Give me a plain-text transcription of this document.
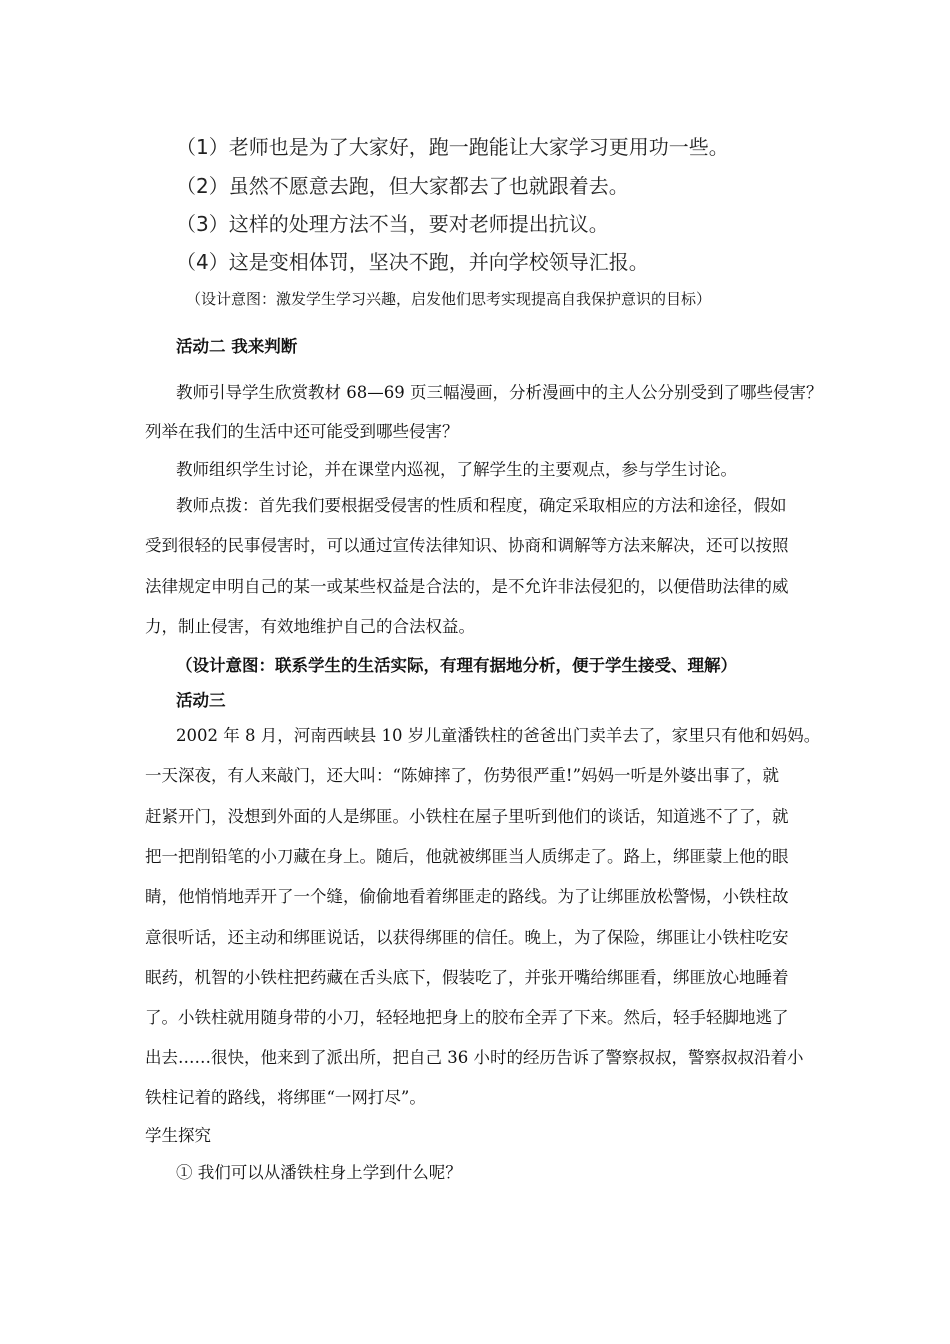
（1）老师也是为了大家好，跑一跑能让大家学习更用功一些。
（2）虽然不愿意去跑，但大家都去了也就跟着去。
（3）这样的处理方法不当，要对老师提出抗议。
（4）这是变相体罚，坚决不跑，并向学校领导汇报。
（设计意图：激发学生学习兴趣，启发他们思考实现提高自我保护意识的目标）
活动二 我来判断
教师引导学生欣赏教材 68—69 页三幅漫画，分析漫画中的主人公分别受到了哪些侵害？
列举在我们的生活中还可能受到哪些侵害？
教师组织学生讨论，并在课堂内巡视，了解学生的主要观点，参与学生讨论。
教师点拨：首先我们要根据受侵害的性质和程度，确定采取相应的方法和途径，假如
受到很轻的民事侵害时，可以通过宣传法律知识、协商和调解等方法来解决，还可以按照
法律规定申明自己的某一或某些权益是合法的，是不允许非法侵犯的，以便借助法律的威
力，制止侵害，有效地维护自己的合法权益。
（设计意图：联系学生的生活实际，有理有据地分析，便于学生接受、理解）
活动三
2002 年 8 月，河南西峡县 10 岁儿童潘铁柱的爸爸出门卖羊去了，家里只有他和妈妈。
一天深夜，有人来敲门，还大叫：“陈婶摔了，伤势很严重!”妈妈一听是外婆出事了，就
赶紧开门，没想到外面的人是绑匪。小铁柱在屋子里听到他们的谈话，知道逃不了了，就
把一把削铅笔的小刀藏在身上。随后，他就被绑匪当人质绑走了。路上，绑匪蒙上他的眼
睛，他悄悄地弄开了一个缝，偷偷地看着绑匪走的路线。为了让绑匪放松警惕，小铁柱故
意很听话，还主动和绑匪说话，以获得绑匪的信任。晚上，为了保险，绑匪让小铁柱吃安
眠药，机智的小铁柱把药藏在舌头底下，假装吃了，并张开嘴给绑匪看，绑匪放心地睡着
了。小铁柱就用随身带的小刀，轻轻地把身上的胶布全弄了下来。然后，轻手轻脚地逃了
出去……很快，他来到了派出所，把自己 36 小时的经历告诉了警察叔叔，警察叔叔沿着小
铁柱记着的路线，将绑匪“一网打尽”。
学生探究
① 我们可以从潘铁柱身上学到什么呢？
